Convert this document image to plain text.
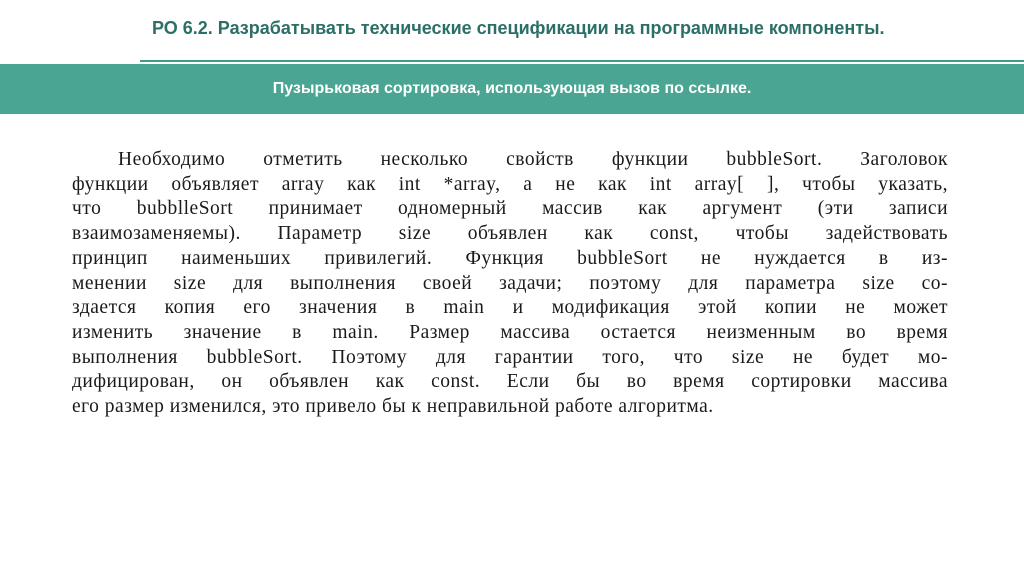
РО 6.2. Разрабатывать технические спецификации на программные компоненты.
Пузырьковая сортировка, использующая вызов по ссылке.
Необходимо отметить несколько свойств функции bubbleSort. Заголовок
функции объявляет array как int *array, а не как int array[ ], чтобы указать,
что bubblleSort принимает одномерный массив как аргумент (эти записи
взаимозаменяемы). Параметр size объявлен как const, чтобы задействовать
принцип наименьших привилегий. Функция bubbleSort не нуждается в из-
менении size для выполнения своей задачи; поэтому для параметра size со-
здается копия его значения в main и модификация этой копии не может
изменить значение в main. Размер массива остается неизменным во время
выполнения bubbleSort. Поэтому для гарантии того, что size не будет мо-
дифицирован, он объявлен как const. Если бы во время сортировки массива
его размер изменился, это привело бы к неправильной работе алгоритма.
